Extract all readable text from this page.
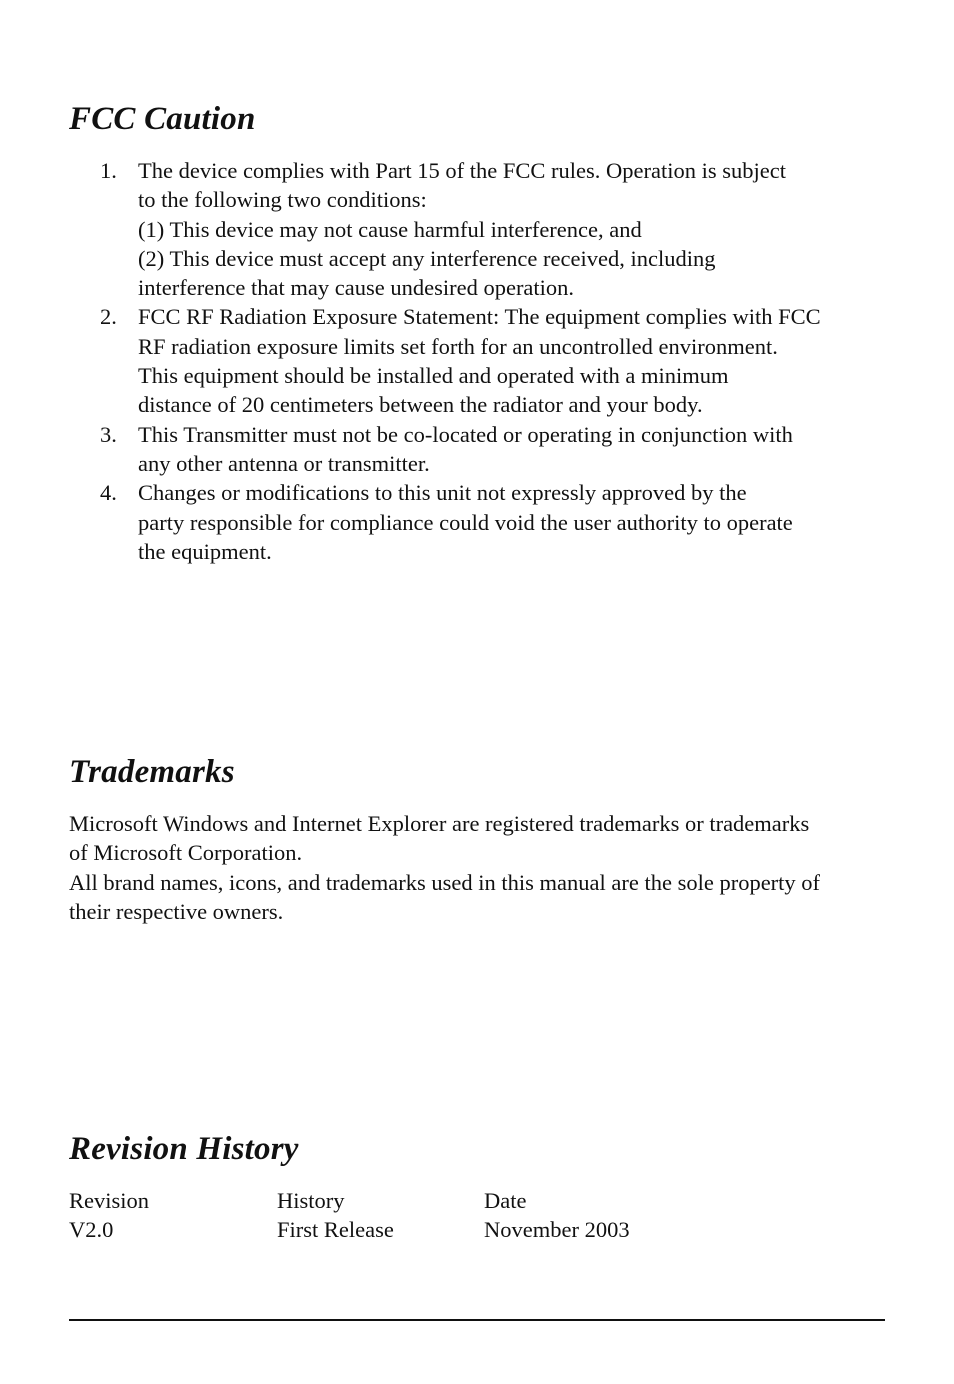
FCC Caution
1. The device complies with Part 15 of the FCC rules. Operation is subject
to the following two conditions:
(1) This device may not cause harmful interference, and
(2) This device must accept any interference received, including
interference that may cause undesired operation.
2. FCC RF Radiation Exposure Statement: The equipment complies with FCC
RF radiation exposure limits set forth for an uncontrolled environment.
This equipment should be installed and operated with a minimum
distance of 20 centimeters between the radiator and your body.
3. This Transmitter must not be co-located or operating in conjunction with
any other antenna or transmitter.
4. Changes or modifications to this unit not expressly approved by the
party responsible for compliance could void the user authority to operate
the equipment.
Trademarks
Microsoft Windows and Internet Explorer are registered trademarks or trademarks
of Microsoft Corporation.
All brand names, icons, and trademarks used in this manual are the sole property of
their respective owners.
Revision History
Revision	History	Date
V2.0	First Release	November 2003
